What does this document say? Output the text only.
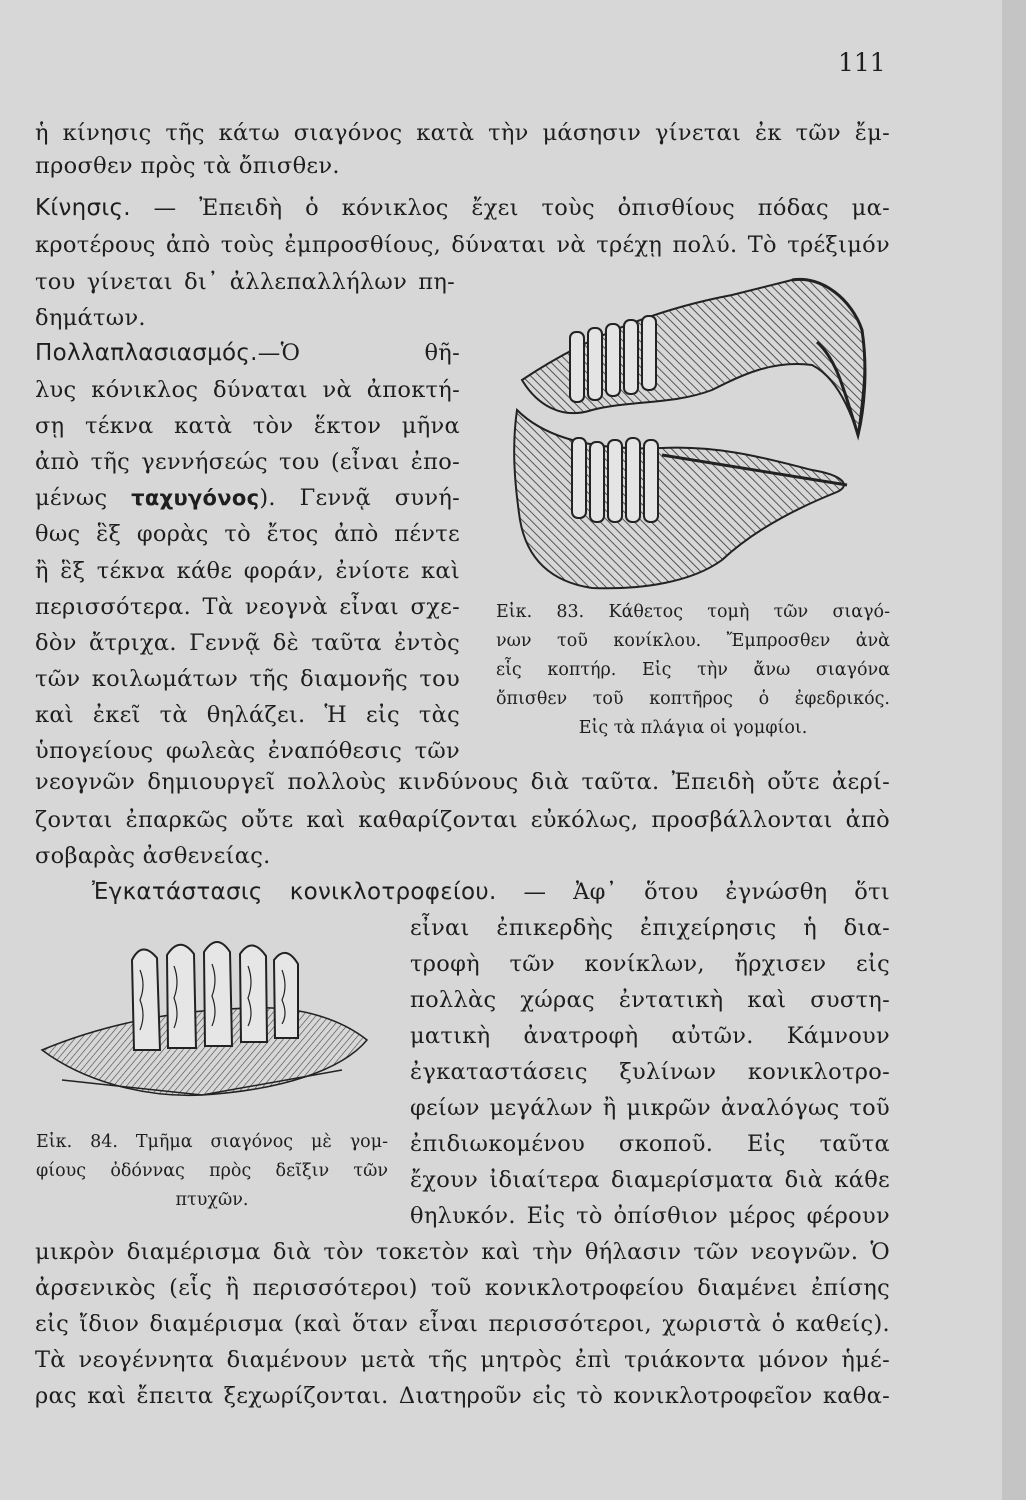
111
ἡ κίνησις τῆς κάτω σιαγόνος κατὰ τὴν μάσησιν γίνεται ἐκ τῶν ἔμ-
προσθεν πρὸς τὰ ὄπισθεν.
Κίνησις. — Ἐπειδὴ ὁ κόνικλος ἔχει τοὺς ὀπισθίους πόδας μα-
κροτέρους ἀπὸ τοὺς ἐμπροσθίους, δύναται νὰ τρέχῃ πολύ. Τὸ τρέξιμόν
του γίνεται δι᾿ ἀλλεπαλλήλων πη-
δημάτων.
Πολλαπλασιασμός.—Ὁ θῆ-
λυς κόνικλος δύναται νὰ ἀποκτή-
σῃ τέκνα κατὰ τὸν ἕκτον μῆνα
ἀπὸ τῆς γεννήσεώς του (εἶναι ἐπο-
μένως ταχυγόνος). Γεννᾷ συνή-
θως ἓξ φορὰς τὸ ἔτος ἀπὸ πέντε
ἢ ἓξ τέκνα κάθε φοράν, ἐνίοτε καὶ
περισσότερα. Τὰ νεογνὰ εἶναι σχε-
δὸν ἄτριχα. Γεννᾷ δὲ ταῦτα ἐντὸς
τῶν κοιλωμάτων τῆς διαμονῆς του
καὶ ἐκεῖ τὰ θηλάζει. Ἡ εἰς τὰς
ὑπογείους φωλεὰς ἐναπόθεσις τῶν
νεογνῶν δημιουργεῖ πολλοὺς κινδύνους διὰ ταῦτα. Ἐπειδὴ οὔτε ἀερί-
ζονται ἐπαρκῶς οὔτε καὶ καθαρίζονται εὐκόλως, προσβάλλονται ἀπὸ
σοβαρὰς ἀσθενείας.
Εἰκ. 83. Κάθετος τομὴ τῶν σιαγό-
νων τοῦ κονίκλου. Ἔμπροσθεν ἀνὰ
εἷς κοπτήρ. Εἰς τὴν ἄνω σιαγόνα
ὄπισθεν τοῦ κοπτῆρος ὁ ἐφεδρικός.
Εἰς τὰ πλάγια οἱ γομφίοι.
Ἐγκατάστασις κονικλοτροφείου. — Ἀφ᾿ ὅτου ἐγνώσθη ὅτι
εἶναι ἐπικερδὴς ἐπιχείρησις ἡ δια-
τροφὴ τῶν κονίκλων, ἤρχισεν εἰς
πολλὰς χώρας ἐντατικὴ καὶ συστη-
ματικὴ ἀνατροφὴ αὐτῶν. Κάμνουν
ἐγκαταστάσεις ξυλίνων κονικλοτρο-
φείων μεγάλων ἢ μικρῶν ἀναλόγως τοῦ
ἐπιδιωκομένου σκοποῦ. Εἰς ταῦτα
ἔχουν ἰδιαίτερα διαμερίσματα διὰ κάθε
θηλυκόν. Εἰς τὸ ὀπίσθιον μέρος φέρουν
Εἰκ. 84. Τμῆμα σιαγόνος μὲ γομ-
φίους ὀδόννας πρὸς δεῖξιν τῶν
πτυχῶν.
μικρὸν διαμέρισμα διὰ τὸν τοκετὸν καὶ τὴν θήλασιν τῶν νεογνῶν. Ὁ
ἀρσενικὸς (εἷς ἢ περισσότεροι) τοῦ κονικλοτροφείου διαμένει ἐπίσης
εἰς ἴδιον διαμέρισμα (καὶ ὅταν εἶναι περισσότεροι, χωριστὰ ὁ καθείς).
Τὰ νεογέννητα διαμένουν μετὰ τῆς μητρὸς ἐπὶ τριάκοντα μόνον ἡμέ-
ρας καὶ ἔπειτα ξεχωρίζονται. Διατηροῦν εἰς τὸ κονικλοτροφεῖον καθα-
